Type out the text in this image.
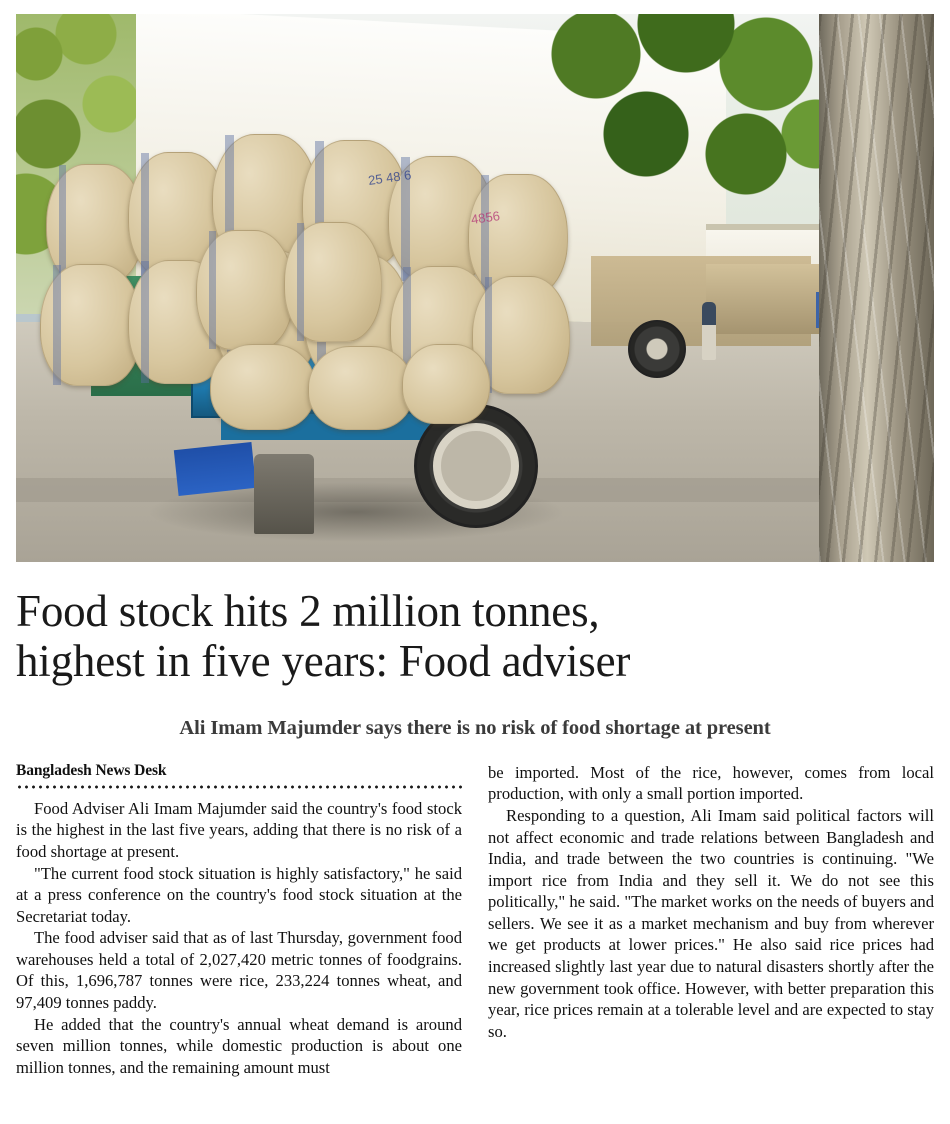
25 48 6
4856
Food stock hits 2 million tonnes,
highest in five years: Food adviser
Ali Imam Majumder says there is no risk of food shortage at present
Bangladesh News Desk

Food Adviser Ali Imam Majumder said the country's food stock is the highest in the last five years, adding that there is no risk of a food shortage at present.

"The current food stock situation is highly satisfactory," he said at a press conference on the country's food stock situation at the Secretariat today.

The food adviser said that as of last Thursday, government food warehouses held a total of 2,027,420 metric tonnes of foodgrains. Of this, 1,696,787 tonnes were rice, 233,224 tonnes wheat, and 97,409 tonnes paddy.

He added that the country's annual wheat demand is around seven million tonnes, while domestic production is about one million tonnes, and the remaining amount must

be imported. Most of the rice, however, comes from local production, with only a small portion imported.

Responding to a question, Ali Imam said political factors will not affect economic and trade relations between Bangladesh and India, and trade between the two countries is continuing. "We import rice from India and they sell it. We do not see this politically," he said. "The market works on the needs of buyers and sellers. We see it as a market mechanism and buy from wherever we get products at lower prices." He also said rice prices had increased slightly last year due to natural disasters shortly after the new government took office. However, with better preparation this year, rice prices remain at a tolerable level and are expected to stay so.
